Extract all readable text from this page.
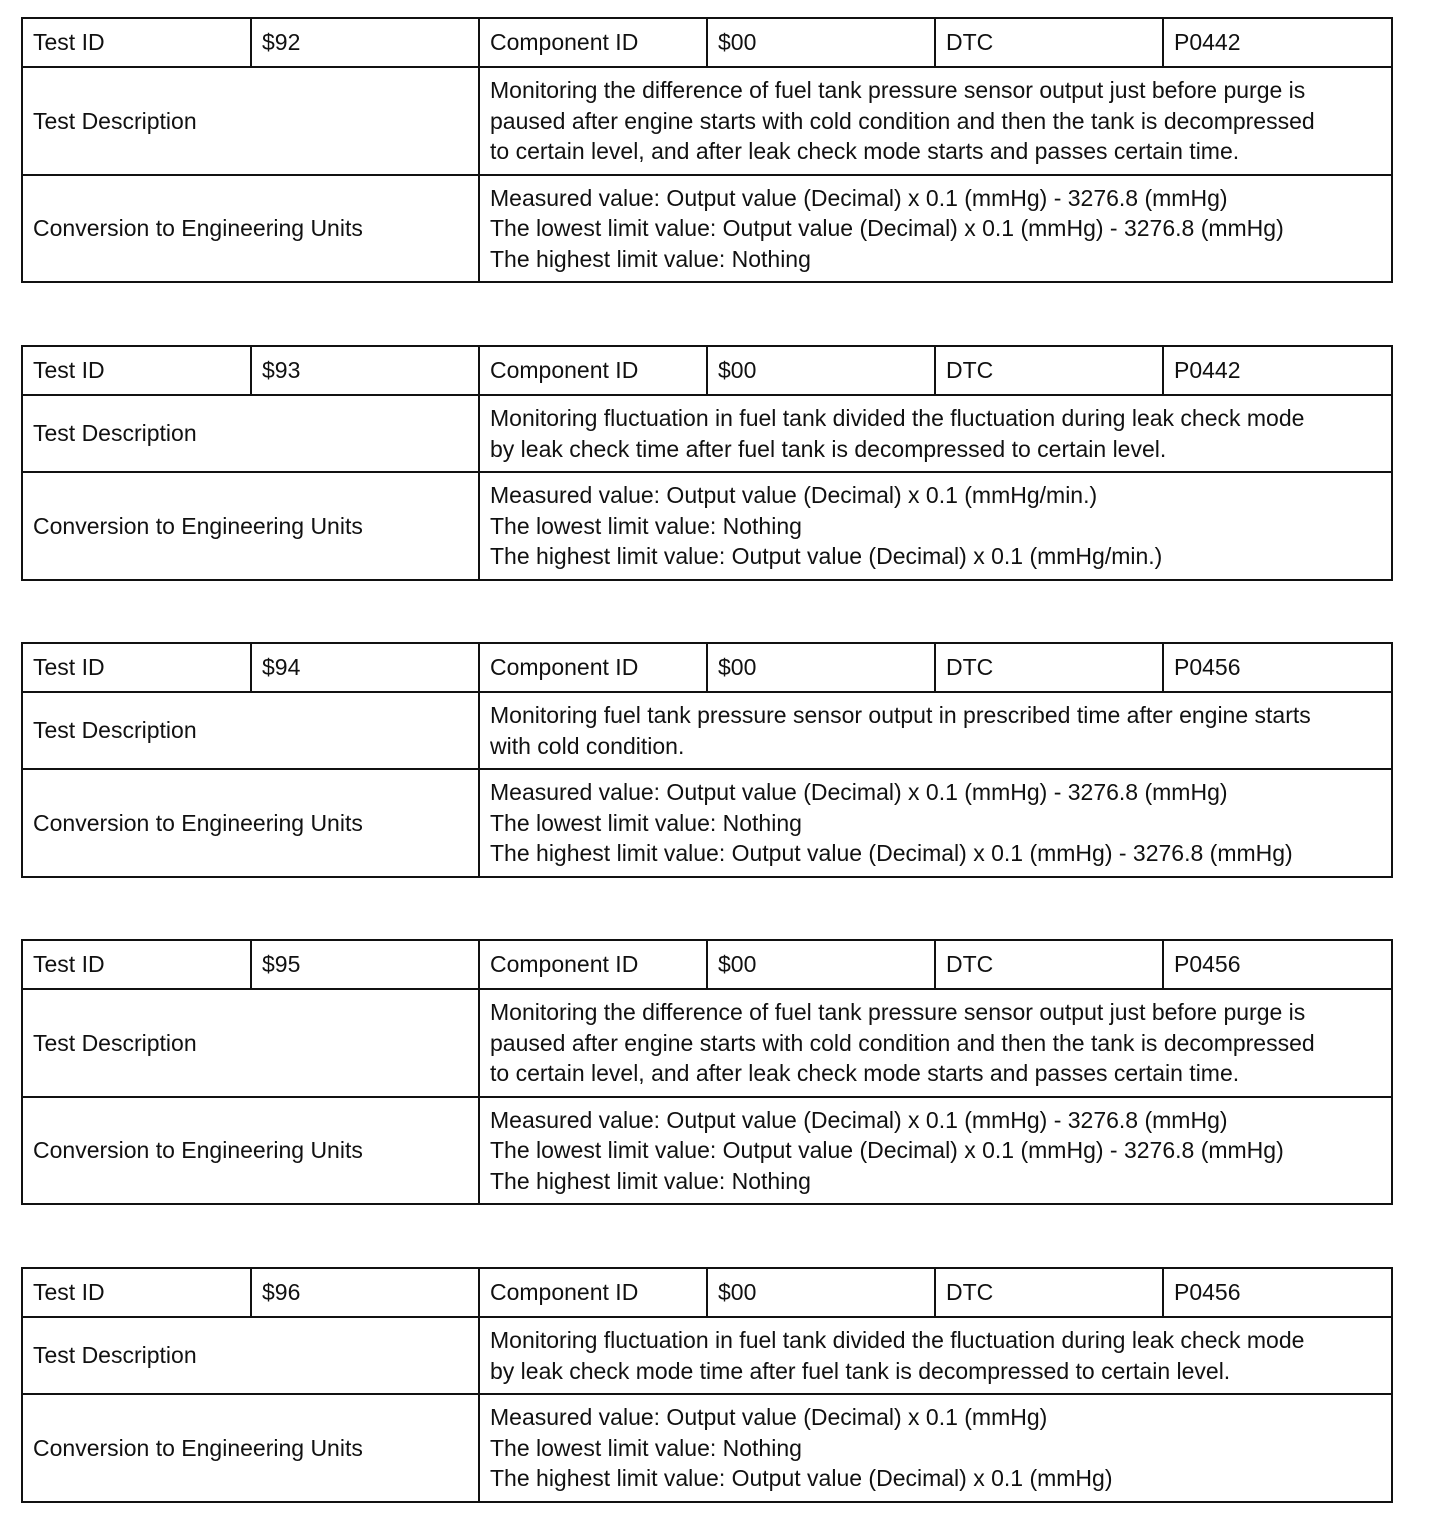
Test ID	$92	Component ID	$00	DTC	P0442
Test Description		Monitoring the difference of fuel tank pressure sensor output just before purge is
paused after engine starts with cold condition and then the tank is decompressed
to certain level, and after leak check mode starts and passes certain time.			

Conversion to Engineering Units		Measured value: Output value (Decimal) x 0.1 (mmHg) - 3276.8 (mmHg)
The lowest limit value: Output value (Decimal) x 0.1 (mmHg) - 3276.8 (mmHg)
The highest limit value: Nothing			
Test ID	$93	Component ID	$00	DTC	P0442
Test Description		Monitoring fluctuation in fuel tank divided the fluctuation during leak check mode
by leak check time after fuel tank is decompressed to certain level.			

Conversion to Engineering Units		Measured value: Output value (Decimal) x 0.1 (mmHg/min.)
The lowest limit value: Nothing
The highest limit value: Output value (Decimal) x 0.1 (mmHg/min.)			
Test ID	$94	Component ID	$00	DTC	P0456
Test Description		Monitoring fuel tank pressure sensor output in prescribed time after engine starts
with cold condition.			

Conversion to Engineering Units		Measured value: Output value (Decimal) x 0.1 (mmHg) - 3276.8 (mmHg)
The lowest limit value: Nothing
The highest limit value: Output value (Decimal) x 0.1 (mmHg) - 3276.8 (mmHg)			
Test ID	$95	Component ID	$00	DTC	P0456
Test Description		Monitoring the difference of fuel tank pressure sensor output just before purge is
paused after engine starts with cold condition and then the tank is decompressed
to certain level, and after leak check mode starts and passes certain time.			

Conversion to Engineering Units		Measured value: Output value (Decimal) x 0.1 (mmHg) - 3276.8 (mmHg)
The lowest limit value: Output value (Decimal) x 0.1 (mmHg) - 3276.8 (mmHg)
The highest limit value: Nothing			
Test ID	$96	Component ID	$00	DTC	P0456
Test Description		Monitoring fluctuation in fuel tank divided the fluctuation during leak check mode
by leak check mode time after fuel tank is decompressed to certain level.			

Conversion to Engineering Units		Measured value: Output value (Decimal) x 0.1 (mmHg)
The lowest limit value: Nothing
The highest limit value: Output value (Decimal) x 0.1 (mmHg)			
